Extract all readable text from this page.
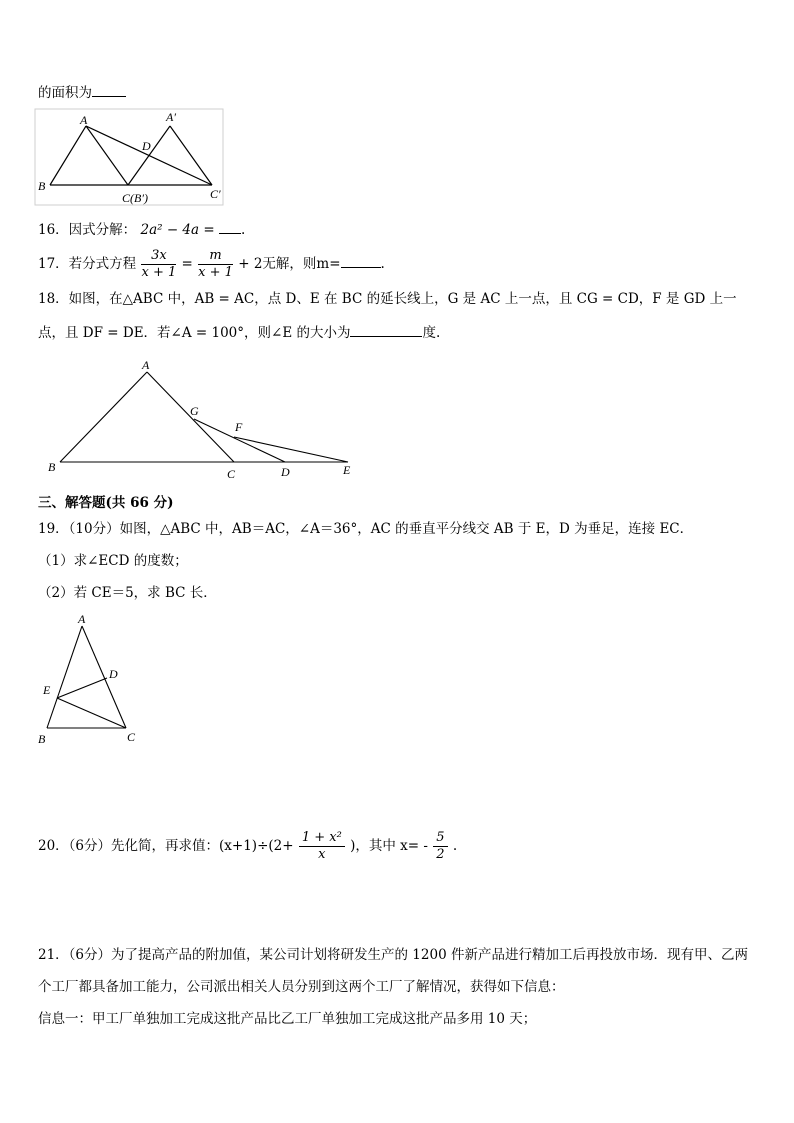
的面积为
A	A′
D
B
C(B′)	C′
16．因式分解： 2a² − 4a = .
17．若分式方程 $\frac{3x}{x + 1} = \frac{m}{x + 1} + 2$无解，则m=	.
18．如图，在△ABC 中，AB = AC，点 D、E 在 BC 的延长线上，G 是 AC 上一点，且 CG = CD，F 是 GD 上一
点，且 DF = DE．若∠A = 100°，则∠E 的大小为	度.
A
G
F
B	C	D	E
三、解答题(共 66 分)
19．（10分）如图，△ABC 中，AB＝AC，∠A＝36°，AC 的垂直平分线交 AB 于 E，D 为垂足，连接 EC．
（1）求∠ECD 的度数；
（2）若 CE＝5，求 BC 长．
A
D
E
B	C
20．（6分）先化简，再求值：$(x+1)\div(2+ \frac{\text{1 + x²}}{x}$ )，其中 $x= - \frac{5}{2}$ .
21．（6分）为了提高产品的附加值，某公司计划将研发生产的 1200 件新产品进行精加工后再投放市场．现有甲、乙两
个工厂都具备加工能力，公司派出相关人员分别到这两个工厂了解情况，获得如下信息：
信息一：甲工厂单独加工完成这批产品比乙工厂单独加工完成这批产品多用 10 天；
